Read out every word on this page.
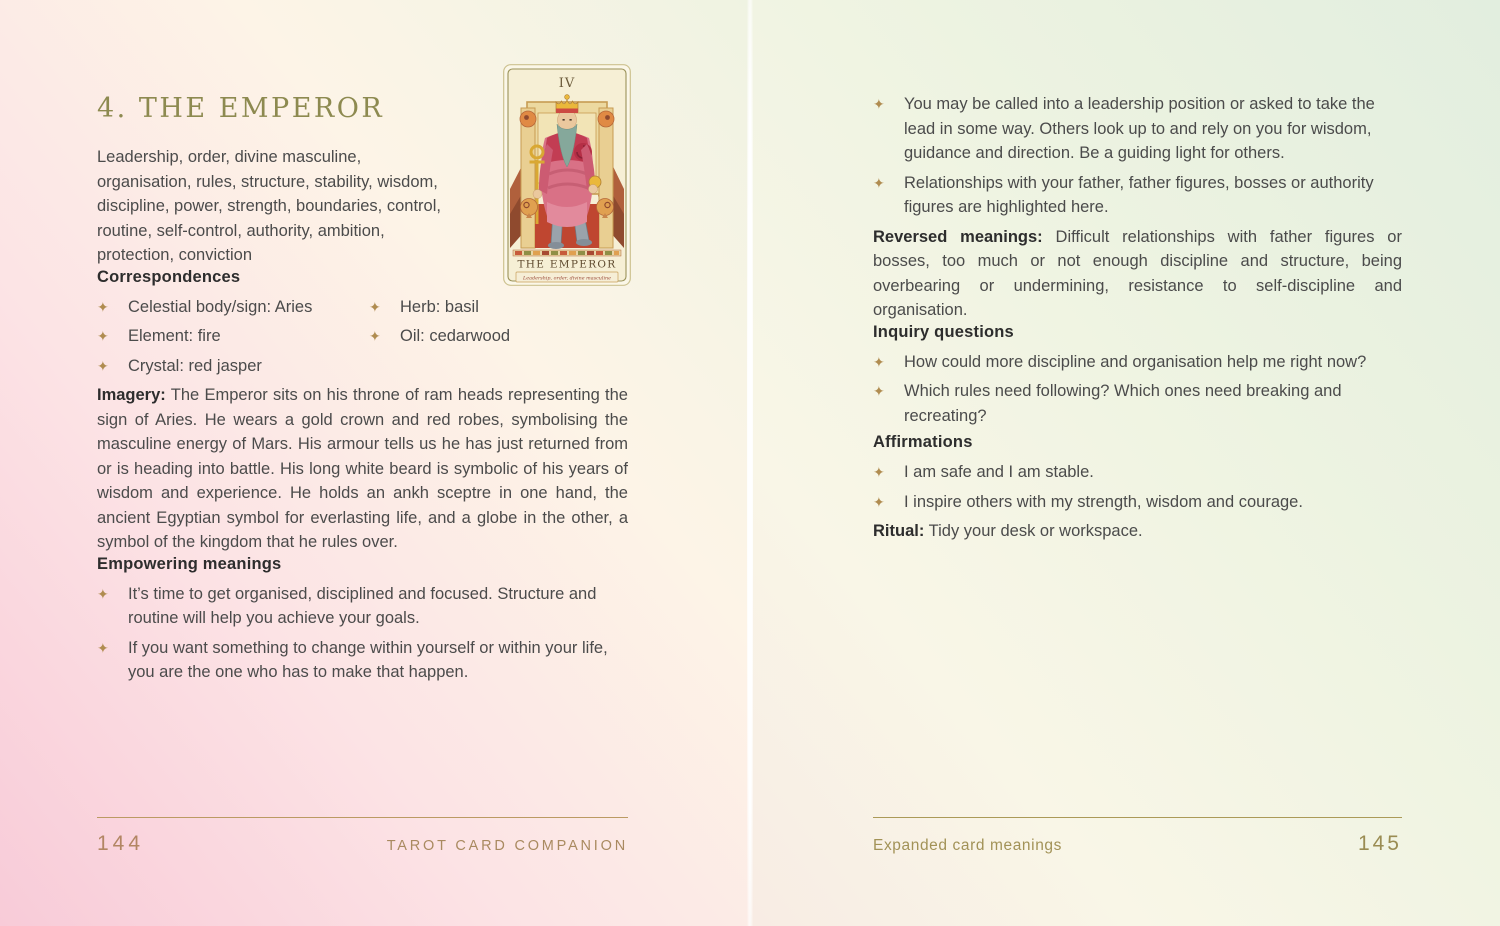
4. THE EMPEROR

Leadership, order, divine masculine, organisation, rules, structure, stability, wisdom, discipline, power, strength, boundaries, control, routine, self-control, authority, ambition, protection, conviction

IV
THE EMPEROR
Leadership, order, divine masculine
Correspondences
✦	Celestial body/sign: Aries
✦	Element: fire
✦	Crystal: red jasper
✦	Herb: basil
✦	Oil: cedarwood

Imagery: The Emperor sits on his throne of ram heads representing the sign of Aries. He wears a gold crown and red robes, symbolising the masculine energy of Mars. His armour tells us he has just returned from or is heading into battle. His long white beard is symbolic of his years of wisdom and experience. He holds an ankh sceptre in one hand, the ancient Egyptian symbol for everlasting life, and a globe in the other, a symbol of the kingdom that he rules over.

Empowering meanings
✦	It’s time to get organised, disciplined and focused. Structure and routine will help you achieve your goals.
✦	If you want something to change within yourself or within your life, you are the one who has to make that happen.
144	TAROT CARD COMPANION
✦	You may be called into a leadership position or asked to take the lead in some way. Others look up to and rely on you for wisdom, guidance and direction. Be a guiding light for others.
✦	Relationships with your father, father figures, bosses or authority figures are highlighted here.

Reversed meanings: Difficult relationships with father figures or bosses, too much or not enough discipline and structure, being overbearing or undermining, resistance to self-discipline and organisation.

Inquiry questions
✦	How could more discipline and organisation help me right now?
✦	Which rules need following? Which ones need breaking and recreating?
Affirmations
✦	I am safe and I am stable.
✦	I inspire others with my strength, wisdom and courage.

Ritual: Tidy your desk or workspace.

Expanded card meanings	145
